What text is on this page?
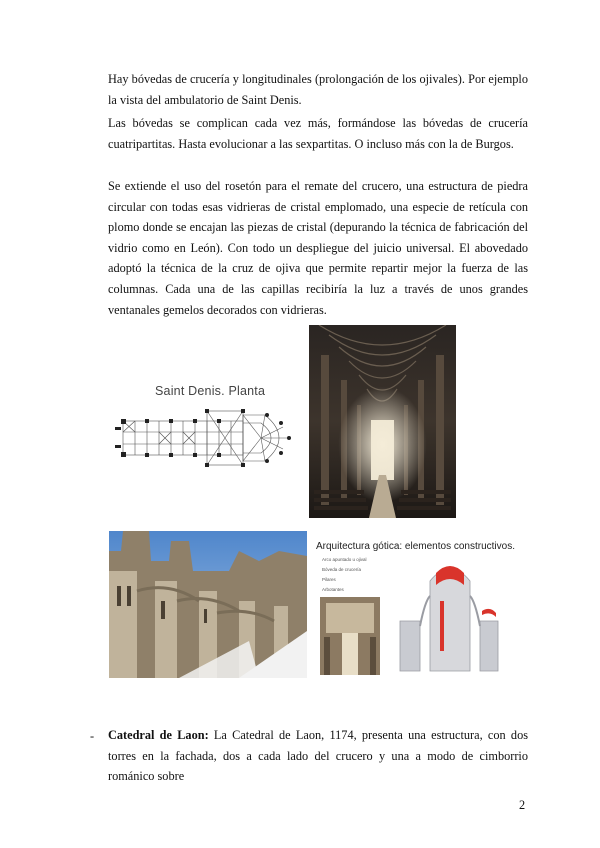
Hay bóvedas de crucería y longitudinales (prolongación de los ojivales). Por ejemplo la vista del ambulatorio de Saint Denis.
Las bóvedas se complican cada vez más, formándose las bóvedas de crucería cuatripartitas. Hasta evolucionar a las sexpartitas. O incluso más con la de Burgos.
Se extiende el uso del rosetón para el remate del crucero, una estructura de piedra circular con todas esas vidrieras de cristal emplomado, una especie de retícula con plomo donde se encajan las piezas de cristal (depurando la técnica de fabricación del vidrio como en León). Con todo un despliegue del juicio universal. El abovedado adoptó la técnica de la cruz de ojiva que permite repartir mejor la fuerza de las columnas. Cada una de las capillas recibiría la luz a través de unos grandes ventanales gemelos decorados con vidrieras.
Saint Denis. Planta
Arco apuntado u ojival
Bóveda de crucería
Pilares
Arbotantes
Arquitectura gótica: elementos constructivos.
- Catedral de Laon: La Catedral de Laon, 1174, presenta una estructura, con dos torres en la fachada, dos a cada lado del crucero y una a modo de cimborrio románico sobre
2
